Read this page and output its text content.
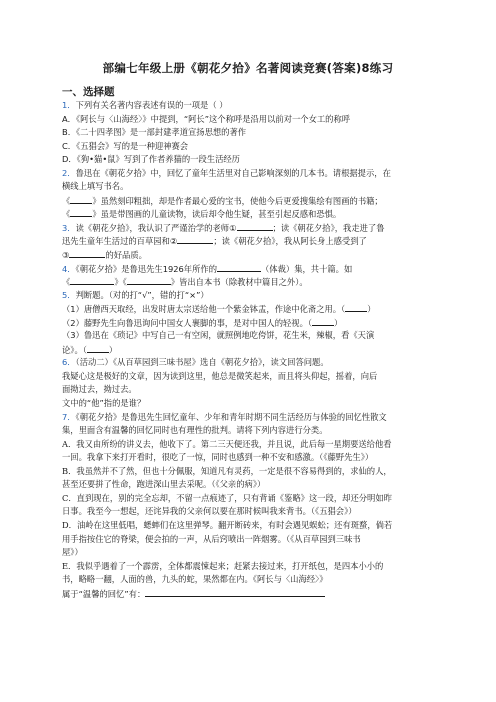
部编七年级上册《朝花夕拾》名著阅读竞赛(答案)8练习
一、选择题
1．下列有关名著内容表述有误的一项是（ ）
A．《阿长与〈山海经〉》中提到，“阿长”这个称呼是沿用以前对一个女工的称呼
B．《二十四孝图》是一部封建孝道宣扬思想的著作
C．《五猖会》写的是一种迎神赛会
D．《狗•猫•鼠》写到了作者养猫的一段生活经历
2．鲁迅在《朝花夕拾》中，回忆了童年生活里对自己影响深刻的几本书。请根据提示，在
横线上填写书名。
《	》虽然刻印粗拙，却是作者最心爱的宝书，使他今后更爱搜集绘有图画的书籍；
《	》虽是带图画的儿童读物，读后却令他生疑，甚至引起反感和恐惧。
3．读《朝花夕拾》，我认识了严谨治学的老师①	；读《朝花夕拾》，我走进了鲁
迅先生童年生活过的百草园和②	；读《朝花夕拾》，我从阿长身上感受到了
③	的好品质。
4．《朝花夕拾》是鲁迅先生1926年所作的	（体裁）集，共十篇。如
《	》《	》皆出自本书（除教材中篇目之外）。
5．判断题。（对的打“√”，错的打“×”）
（1）唐僧西天取经，出发时唐太宗送给他一个紫金钵盂，作途中化斋之用。（	）
（2）藤野先生向鲁迅询问中国女人裹脚的事，是对中国人的轻视。（	）
（3）鲁迅在《琐记》中写自己一有空闲，就照例地吃侉饼，花生米，辣椒，看《天演
论》。（	）
6．（活动二）《从百草园到三味书屋》选自《朝花夕拾》，读文回答问题。
我疑心这是极好的文章，因为读到这里，他总是微笑起来，而且将头仰起，摇着，向后
面拗过去，拗过去。
文中的“他”指的是谁？
7．《朝花夕拾》是鲁迅先生回忆童年、少年和青年时期不同生活经历与体验的回忆性散文
集，里面含有温馨的回忆同时也有理性的批判。请将下列内容进行分类。
A．我又由所纷的讲义去，他收下了。第二三天便还我，并且说，此后每一星期要送给他看
一回。我拿下来打开看时，很吃了一惊，同时也感到一种不安和感激。（《藤野先生》）
B．我虽然并不了然，但也十分佩服，知道凡有灵药，一定是很不容易得到的，求仙的人，
甚至还要拼了性命，跑进深山里去采呢。（《父亲的病》）
C．直到现在，别的完全忘却，不留一点痕迹了，只有背诵《鉴略》这一段，却还分明如昨
日事。我至今一想起，还诧异我的父亲何以要在那时候叫我来背书。（《五猖会》）
D．油岭在这里低唱，蟋蟀们在这里弹琴。翻开断砖来，有时会遇见蜈蚣；还有斑蝥，倘若
用手指按住它的脊梁，便会拍的一声，从后窍喷出一阵烟雾。（《从百草园到三味书
屋》）
E．我似乎遇着了一个霹雳，全体都震悚起来；赶紧去接过来，打开纸包，是四本小小的
书，略略一翻，人面的兽，九头的蛇，果然都在内。《阿长与〈山海经〉》
属于“温馨的回忆”有：
